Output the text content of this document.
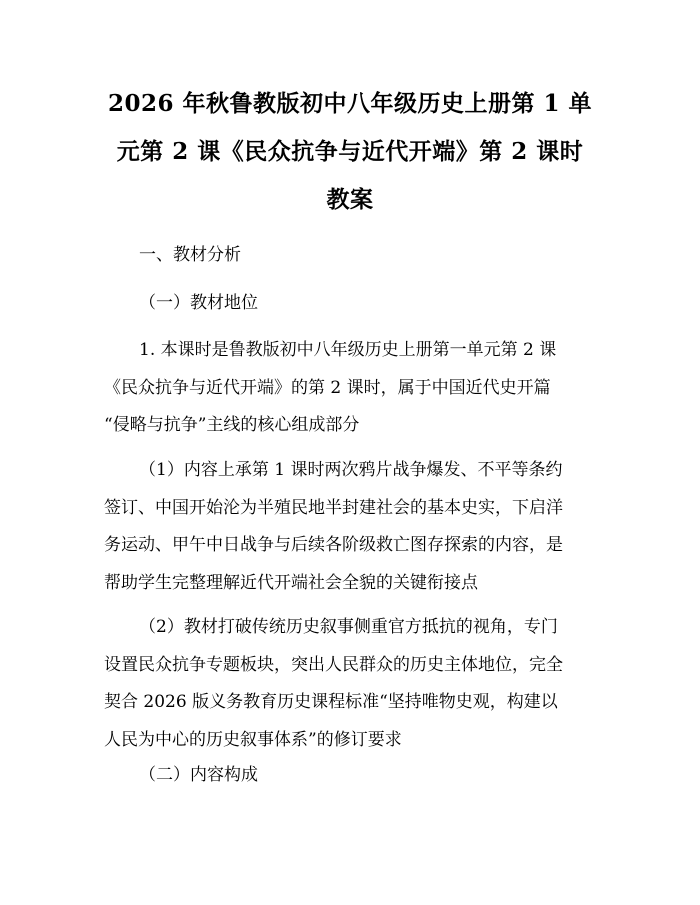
2026 年秋鲁教版初中八年级历史上册第 1 单
元第 2 课《民众抗争与近代开端》第 2 课时
教案

一、教材分析

（一）教材地位

1. 本课时是鲁教版初中八年级历史上册第一单元第 2 课
《民众抗争与近代开端》的第 2 课时，属于中国近代史开篇
“侵略与抗争”主线的核心组成部分

（1）内容上承第 1 课时两次鸦片战争爆发、不平等条约
签订、中国开始沦为半殖民地半封建社会的基本史实，下启洋
务运动、甲午中日战争与后续各阶级救亡图存探索的内容，是
帮助学生完整理解近代开端社会全貌的关键衔接点

（2）教材打破传统历史叙事侧重官方抵抗的视角，专门
设置民众抗争专题板块，突出人民群众的历史主体地位，完全
契合 2026 版义务教育历史课程标准“坚持唯物史观，构建以
人民为中心的历史叙事体系”的修订要求

（二）内容构成
